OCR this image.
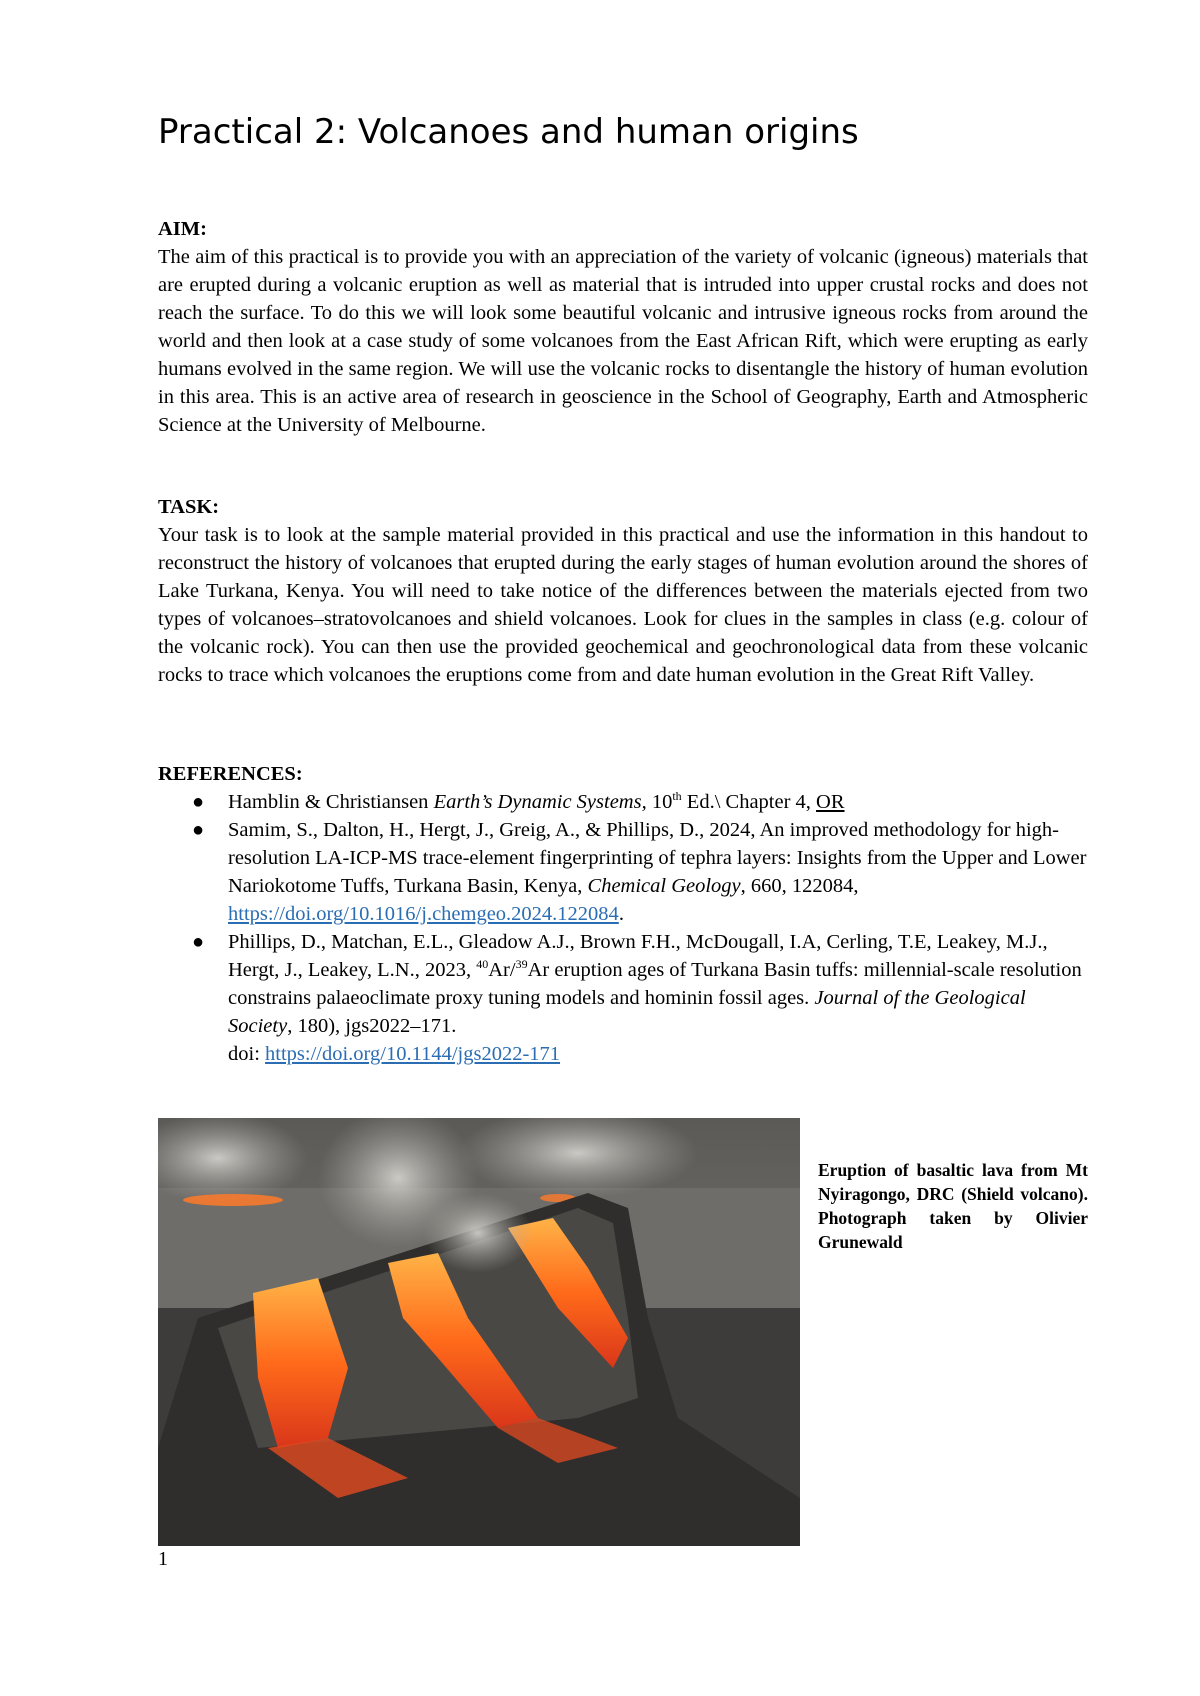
Practical 2: Volcanoes and human origins
AIM:

The aim of this practical is to provide you with an appreciation of the variety of volcanic (igneous) materials that are erupted during a volcanic eruption as well as material that is intruded into upper crustal rocks and does not reach the surface. To do this we will look some beautiful volcanic and intrusive igneous rocks from around the world and then look at a case study of some volcanoes from the East African Rift, which were erupting as early humans evolved in the same region. We will use the volcanic rocks to disentangle the history of human evolution in this area. This is an active area of research in geoscience in the School of Geography, Earth and Atmospheric Science at the University of Melbourne.

TASK:

Your task is to look at the sample material provided in this practical and use the information in this handout to reconstruct the history of volcanoes that erupted during the early stages of human evolution around the shores of Lake Turkana, Kenya. You will need to take notice of the differences between the materials ejected from two types of volcanoes–stratovolcanoes and shield volcanoes. Look for clues in the samples in class (e.g. colour of the volcanic rock). You can then use the provided geochemical and geochronological data from these volcanic rocks to trace which volcanoes the eruptions come from and date human evolution in the Great Rift Valley.

REFERENCES:
● Hamblin & Christiansen Earth’s Dynamic Systems, 10th Ed.\ Chapter 4, OR
● Samim, S., Dalton, H., Hergt, J., Greig, A., & Phillips, D., 2024, An improved methodology for high-resolution LA-ICP-MS trace-element fingerprinting of tephra layers: Insights from the Upper and Lower Nariokotome Tuffs, Turkana Basin, Kenya, Chemical Geology, 660, 122084, https://doi.org/10.1016/j.chemgeo.2024.122084.
● Phillips, D., Matchan, E.L., Gleadow A.J., Brown F.H., McDougall, I.A, Cerling, T.E, Leakey, M.J., Hergt, J., Leakey, L.N., 2023, $^{40}$Ar/$^{39}$Ar eruption ages of Turkana Basin tuffs: millennial-scale resolution constrains palaeoclimate proxy tuning models and hominin fossil ages. Journal of the Geological Society, 180), jgs2022–171.
doi: https://doi.org/10.1144/jgs2022-171
Eruption of basaltic lava from Mt Nyiragongo, DRC (Shield volcano). Photograph taken by Olivier Grunewald
1
